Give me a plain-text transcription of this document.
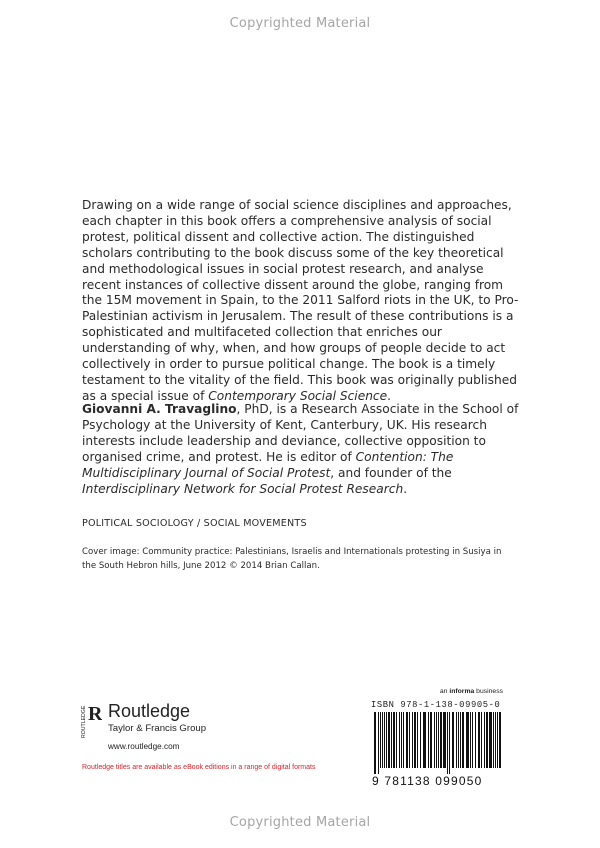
Copyrighted Material
Drawing on a wide range of social science disciplines and approaches, each chapter in this book offers a comprehensive analysis of social protest, political dissent and collective action. The distinguished scholars contributing to the book discuss some of the key theoretical and methodological issues in social protest research, and analyse recent instances of collective dissent around the globe, ranging from the 15M movement in Spain, to the 2011 Salford riots in the UK, to Pro-Palestinian activism in Jerusalem. The result of these contributions is a sophisticated and multifaceted collection that enriches our understanding of why, when, and how groups of people decide to act collectively in order to pursue political change. The book is a timely testament to the vitality of the field. This book was originally published as a special issue of Contemporary Social Science.
Giovanni A. Travaglino, PhD, is a Research Associate in the School of Psychology at the University of Kent, Canterbury, UK. His research interests include leadership and deviance, collective opposition to organised crime, and protest. He is editor of Contention: The Multidisciplinary Journal of Social Protest, and founder of the Interdisciplinary Network for Social Protest Research.
POLITICAL SOCIOLOGY / SOCIAL MOVEMENTS
Cover image: Community practice: Palestinians, Israelis and Internationals protesting in Susiya in the South Hebron hills, June 2012 © 2014 Brian Callan.
ROUTLEDGE R Routledge
Taylor & Francis Group
www.routledge.com
Routledge titles are available as eBook editions in a range of digital formats
an informa business
ISBN 978-1-138-09905-0
9 781138 099050
Copyrighted Material
